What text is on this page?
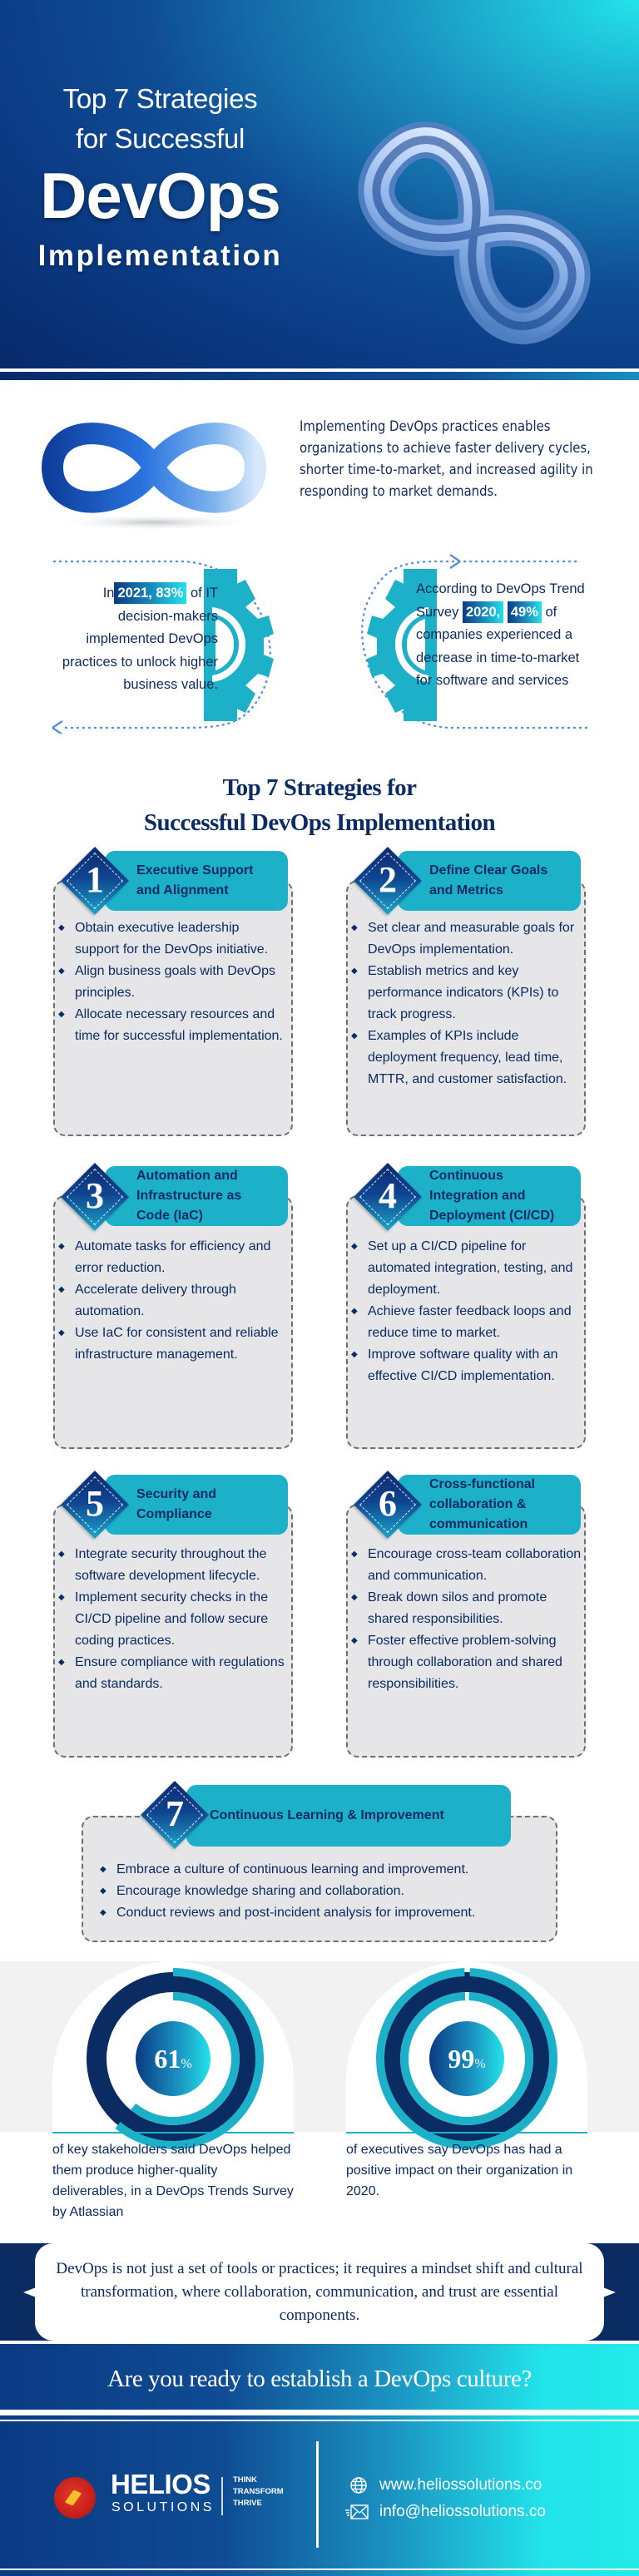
Top 7 Strategies
for Successful
DevOps
Implementation
Implementing DevOps practices enables organizations to achieve faster delivery cycles, shorter time-to-market, and increased agility in responding to market demands.
In 2021, 83% of IT decision-makers implemented DevOps practices to unlock higher business value.
According to DevOps Trend Survey 2020, 49% of companies experienced a decrease in time-to-market for software and services
Top 7 Strategies for
Successful DevOps Implementation
Executive Support
and Alignment
1
◆ Obtain executive leadership support for the DevOps initiative.
◆ Align business goals with DevOps principles.
◆ Allocate necessary resources and time for successful implementation.
Define Clear Goals
and Metrics
2
◆ Set clear and measurable goals for DevOps implementation.
◆ Establish metrics and key performance indicators (KPIs) to track progress.
◆ Examples of KPIs include deployment frequency, lead time, MTTR, and customer satisfaction.
Automation and
Infrastructure as
Code (IaC)
3
◆ Automate tasks for efficiency and error reduction.
◆ Accelerate delivery through automation.
◆ Use IaC for consistent and reliable infrastructure management.
Continuous
Integration and
Deployment (CI/CD)
4
◆ Set up a CI/CD pipeline for automated integration, testing, and deployment.
◆ Achieve faster feedback loops and reduce time to market.
◆ Improve software quality with an effective CI/CD implementation.
Security and
Compliance
5
◆ Integrate security throughout the software development lifecycle.
◆ Implement security checks in the CI/CD pipeline and follow secure coding practices.
◆ Ensure compliance with regulations and standards.
Cross-functional
collaboration &
communication
6
◆ Encourage cross-team collaboration and communication.
◆ Break down silos and promote shared responsibilities.
◆ Foster effective problem-solving through collaboration and shared responsibilities.
Continuous Learning & Improvement
7
◆ Embrace a culture of continuous learning and improvement.
◆ Encourage knowledge sharing and collaboration.
◆ Conduct reviews and post-incident analysis for improvement.
61%
of key stakeholders said DevOps helped them produce higher-quality deliverables, in a DevOps Trends Survey by Atlassian
99%
of executives say DevOps has had a positive impact on their organization in 2020.
DevOps is not just a set of tools or practices; it requires a mindset shift and cultural transformation, where collaboration, communication, and trust are essential components.
Are you ready to establish a DevOps culture?
HELIOS
SOLUTIONS
THINK
TRANSFORM
THRIVE
www.heliossolutions.co
info@heliossolutions.co
